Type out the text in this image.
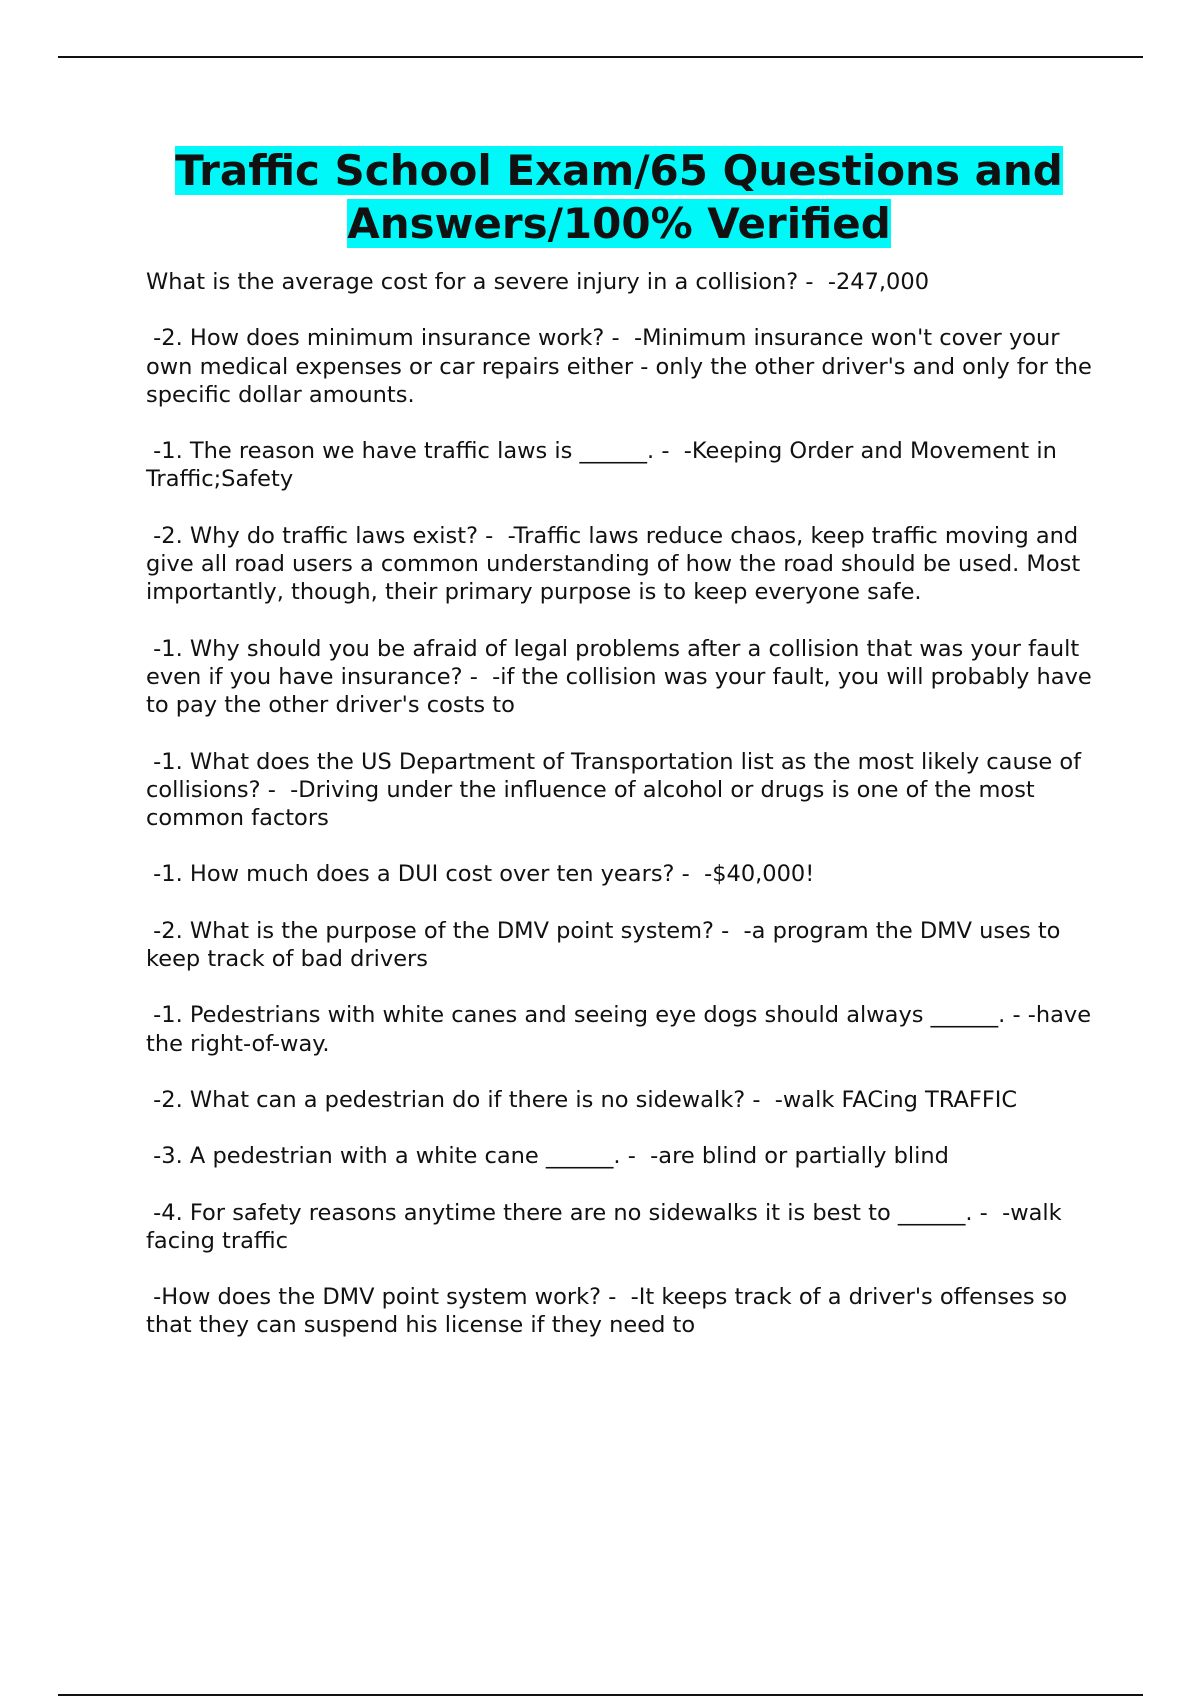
Traffic School Exam/65 Questions and
Answers/100% Verified
What is the average cost for a severe injury in a collision? - -247,000
-2. How does minimum insurance work? - -Minimum insurance won't cover your own medical expenses or car repairs either - only the other driver's and only for the specific dollar amounts.
-1. The reason we have traffic laws is ______. - -Keeping Order and Movement in Traffic;Safety
-2. Why do traffic laws exist? - -Traffic laws reduce chaos, keep traffic moving and give all road users a common understanding of how the road should be used. Most importantly, though, their primary purpose is to keep everyone safe.
-1. Why should you be afraid of legal problems after a collision that was your fault even if you have insurance? - -if the collision was your fault, you will probably have to pay the other driver's costs to
-1. What does the US Department of Transportation list as the most likely cause of collisions? - -Driving under the influence of alcohol or drugs is one of the most common factors
-1. How much does a DUI cost over ten years? - -$40,000!
-2. What is the purpose of the DMV point system? - -a program the DMV uses to keep track of bad drivers
-1. Pedestrians with white canes and seeing eye dogs should always ______. - -have the right-of-way.
-2. What can a pedestrian do if there is no sidewalk? - -walk FACing TRAFFIC
-3. A pedestrian with a white cane ______. - -are blind or partially blind
-4. For safety reasons anytime there are no sidewalks it is best to ______. - -walk facing traffic
-How does the DMV point system work? - -It keeps track of a driver's offenses so that they can suspend his license if they need to
